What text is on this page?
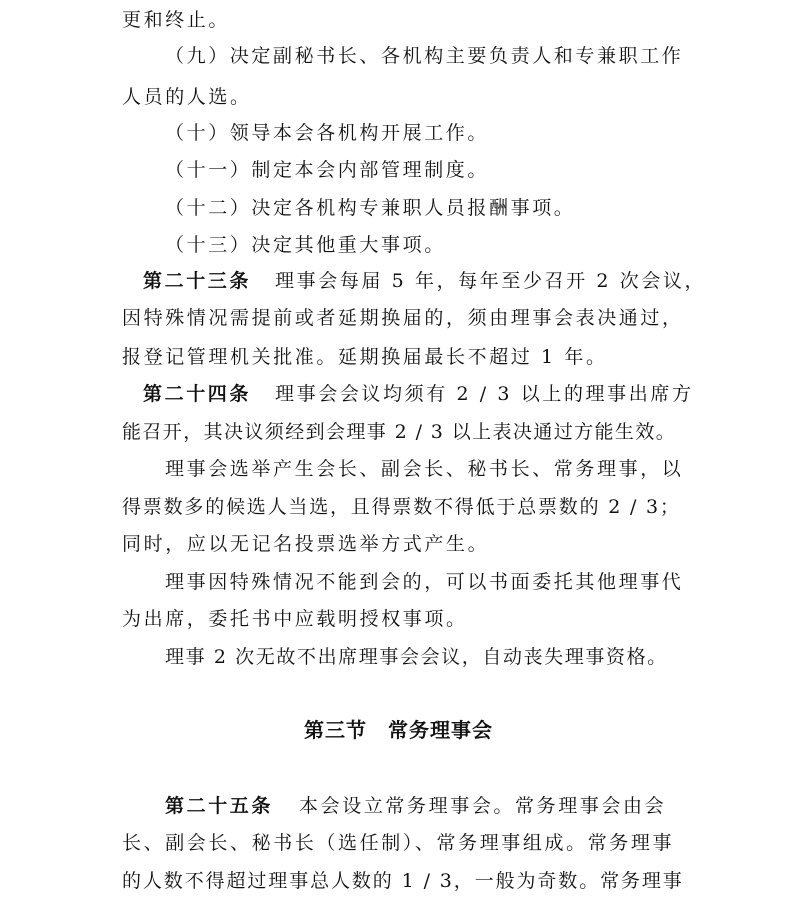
更和终止。
（九）决定副秘书长、各机构主要负责人和专兼职工作
人员的人选。
（十）领导本会各机构开展工作。
（十一）制定本会内部管理制度。
（十二）决定各机构专兼职人员报酬事项。
（十三）决定其他重大事项。
第二十三条 理事会每届 5 年，每年至少召开 2 次会议，
因特殊情况需提前或者延期换届的，须由理事会表决通过，
报登记管理机关批准。延期换届最长不超过 1 年。
第二十四条 理事会会议均须有 2 / 3 以上的理事出席方
能召开，其决议须经到会理事 2 / 3 以上表决通过方能生效。
理事会选举产生会长、副会长、秘书长、常务理事，以
得票数多的候选人当选，且得票数不得低于总票数的 2 / 3；
同时，应以无记名投票选举方式产生。
理事因特殊情况不能到会的，可以书面委托其他理事代
为出席，委托书中应载明授权事项。
理事 2 次无故不出席理事会会议，自动丧失理事资格。
第三节　常务理事会
第二十五条 本会设立常务理事会。常务理事会由会
长、副会长、秘书长（选任制）、常务理事组成。常务理事
的人数不得超过理事总人数的 1 / 3，一般为奇数。常务理事
